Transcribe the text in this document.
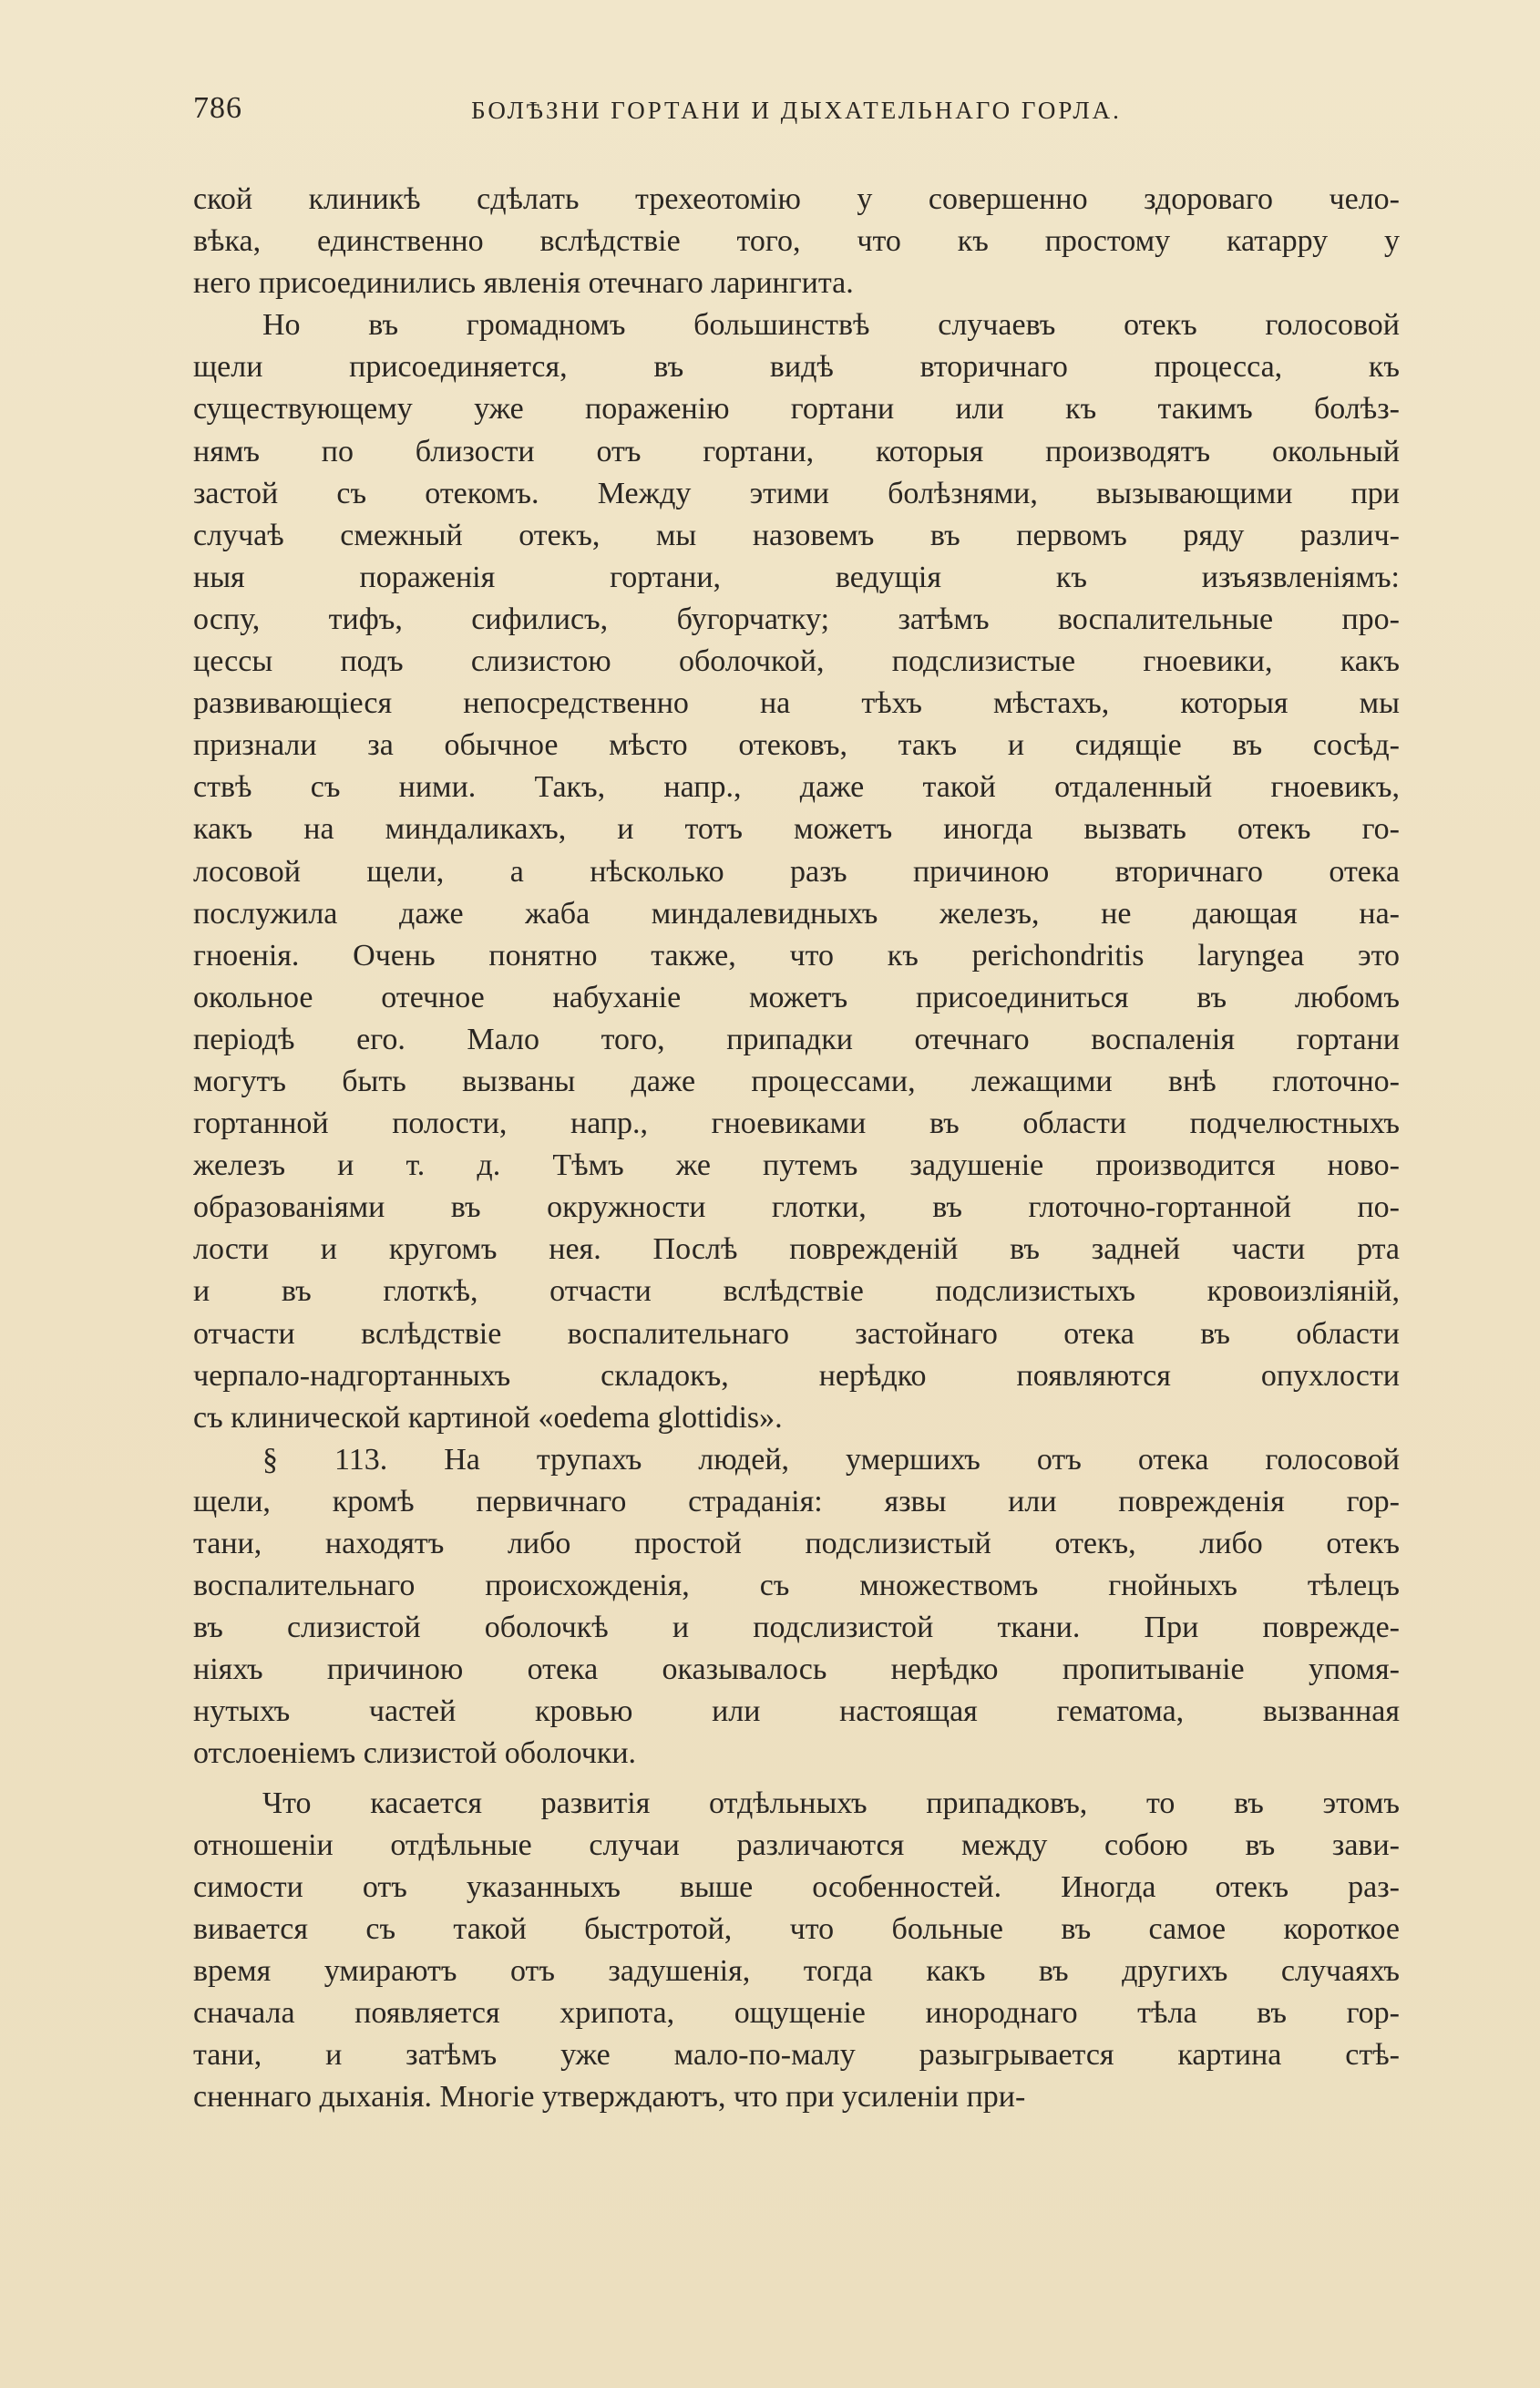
786	БОЛѢЗНИ ГОРТАНИ И ДЫХАТЕЛЬНАГО ГОРЛА.
ской клиникѣ сдѣлать трехеотомію у совершенно здороваго чело-
вѣка, единственно вслѣдствіе того, что къ простому катарру у
него присоединились явленія отечнаго ларингита.
Но въ громадномъ большинствѣ случаевъ отекъ голосовой
щели присоединяется, въ видѣ вторичнаго процесса, къ
существующему уже пораженію гортани или къ такимъ болѣз-
нямъ по близости отъ гортани, которыя производятъ окольный
застой съ отекомъ. Между этими болѣзнями, вызывающими при
случаѣ смежный отекъ, мы назовемъ въ первомъ ряду различ-
ныя пораженія гортани, ведущія къ изъязвленіямъ:
оспу, тифъ, сифилисъ, бугорчатку; затѣмъ воспалительные про-
цессы подъ слизистою оболочкой, подслизистые гноевики, какъ
развивающіеся непосредственно на тѣхъ мѣстахъ, которыя мы
признали за обычное мѣсто отековъ, такъ и сидящіе въ сосѣд-
ствѣ съ ними. Такъ, напр., даже такой отдаленный гноевикъ,
какъ на миндаликахъ, и тотъ можетъ иногда вызвать отекъ го-
лосовой щели, а нѣсколько разъ причиною вторичнаго отека
послужила даже жаба миндалевидныхъ железъ, не дающая на-
гноенія. Очень понятно также, что къ perichondritis laryngea это
окольное отечное набуханіе можетъ присоединиться въ любомъ
періодѣ его. Мало того, припадки отечнаго воспаленія гортани
могутъ быть вызваны даже процессами, лежащими внѣ глоточно-
гортанной полости, напр., гноевиками въ области подчелюстныхъ
железъ и т. д. Тѣмъ же путемъ задушеніе производится ново-
образованіями въ окружности глотки, въ глоточно-гортанной по-
лости и кругомъ нея. Послѣ поврежденій въ задней части рта
и въ глоткѣ, отчасти вслѣдствіе подслизистыхъ кровоизліяній,
отчасти вслѣдствіе воспалительнаго застойнаго отека въ области
черпало-надгортанныхъ складокъ, нерѣдко появляются опухлости
съ клинической картиной «oedema glottidis».
§ 113. На трупахъ людей, умершихъ отъ отека голосовой
щели, кромѣ первичнаго страданія: язвы или поврежденія гор-
тани, находятъ либо простой подслизистый отекъ, либо отекъ
воспалительнаго происхожденія, съ множествомъ гнойныхъ тѣлецъ
въ слизистой оболочкѣ и подслизистой ткани. При поврежде-
ніяхъ причиною отека оказывалось нерѣдко пропитываніе упомя-
нутыхъ частей кровью или настоящая гематома, вызванная
отслоеніемъ слизистой оболочки.
Что касается развитія отдѣльныхъ припадковъ, то въ этомъ
отношеніи отдѣльные случаи различаются между собою въ зави-
симости отъ указанныхъ выше особенностей. Иногда отекъ раз-
вивается съ такой быстротой, что больные въ самое короткое
время умираютъ отъ задушенія, тогда какъ въ другихъ случаяхъ
сначала появляется хрипота, ощущеніе инороднаго тѣла въ гор-
тани, и затѣмъ уже мало-по-малу разыгрывается картина стѣ-
сненнаго дыханія. Многіе утверждаютъ, что при усиленіи при-
